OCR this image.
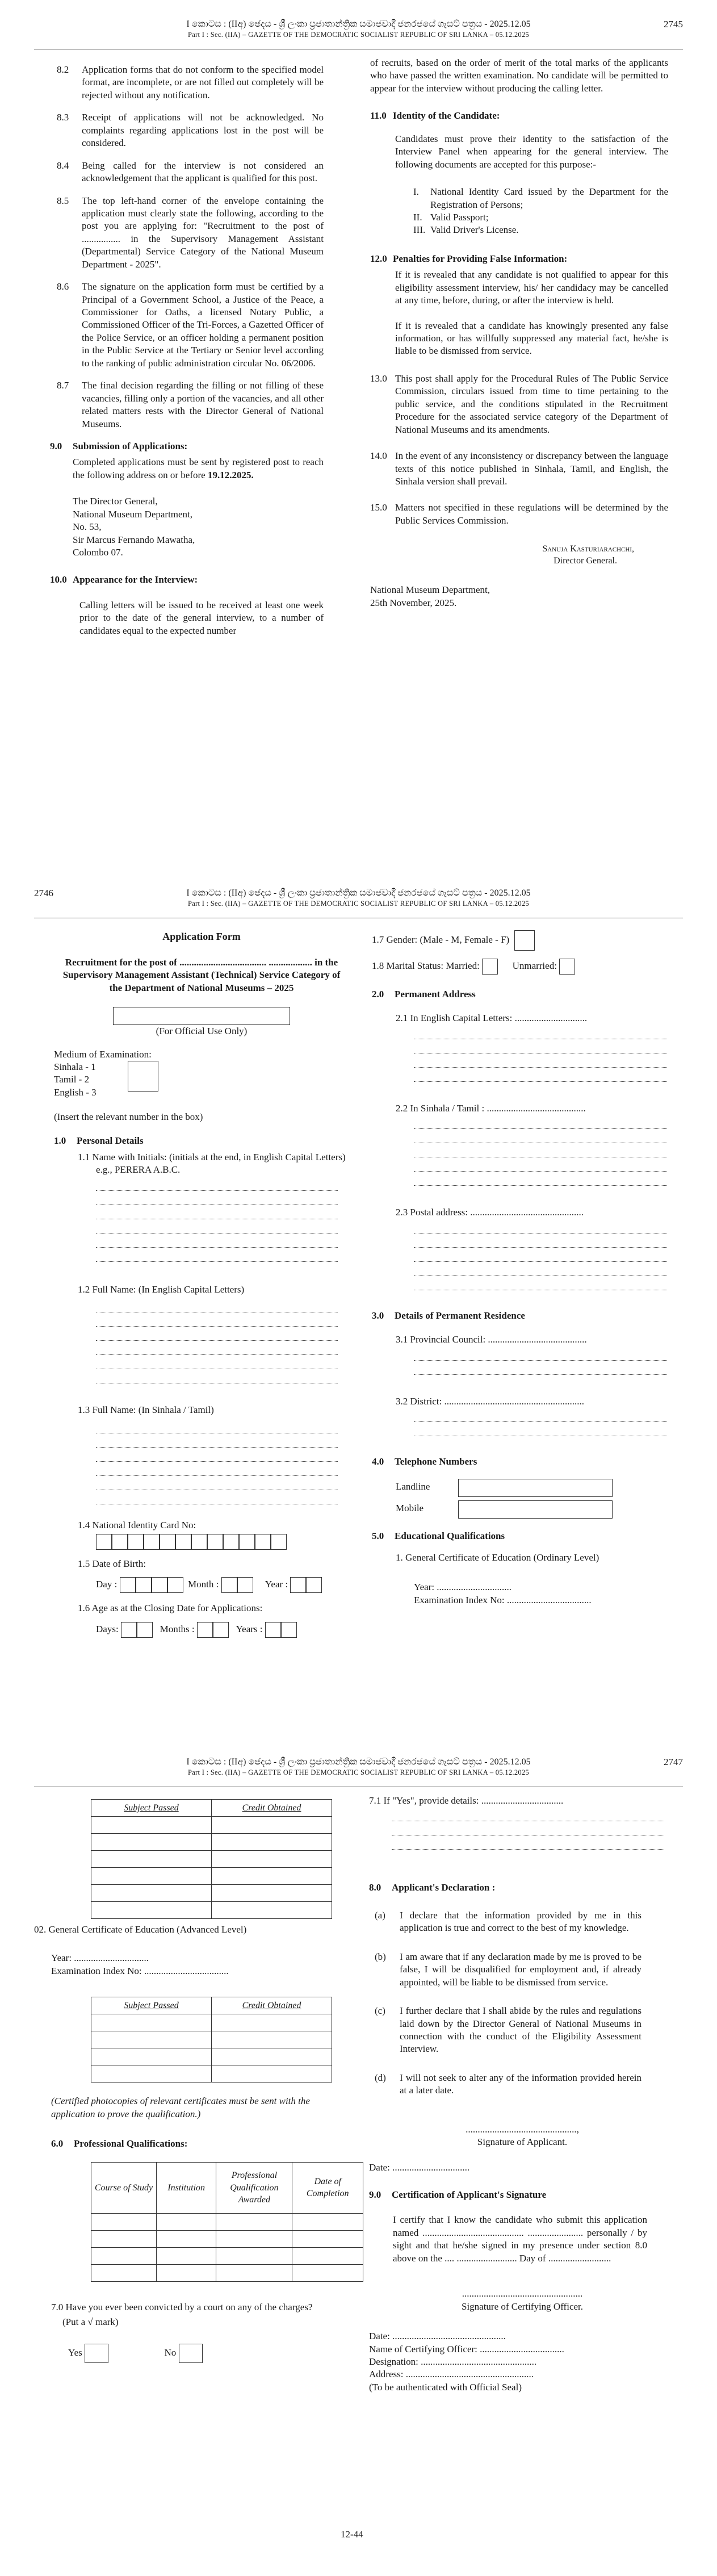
I කොටස : (IIඅ) ඡෙදය - ශ්‍රී ලංකා ප්‍රජාතාන්ත්‍රික සමාජවාදී ජනරජයේ ගැසට් පත්‍රය - 2025.12.05
Part I : Sec. (IIA) – GAZETTE OF THE DEMOCRATIC SOCIALIST REPUBLIC OF SRI LANKA – 05.12.2025
2745
8.2 Application forms that do not conform to the specified model format, are incomplete, or are not filled out completely will be rejected without any notification.
8.3 Receipt of applications will not be acknowledged. No complaints regarding applications lost in the post will be considered.
8.4 Being called for the interview is not considered an acknowledgement that the applicant is qualified for this post.
8.5 The top left-hand corner of the envelope containing the application must clearly state the following, according to the post you are applying for: "Recruitment to the post of ................ in the Supervisory Management Assistant (Departmental) Service Category of the National Museum Department - 2025".
8.6 The signature on the application form must be certified by a Principal of a Government School, a Justice of the Peace, a Commissioner for Oaths, a licensed Notary Public, a Commissioned Officer of the Tri-Forces, a Gazetted Officer of the Police Service, or an officer holding a permanent position in the Public Service at the Tertiary or Senior level according to the ranking of public administration circular No. 06/2006.
8.7 The final decision regarding the filling or not filling of these vacancies, filling only a portion of the vacancies, and all other related matters rests with the Director General of National Museums.
9.0 Submission of Applications:

Completed applications must be sent by registered post to reach the following address on or before 19.12.2025.

The Director General,
National Museum Department,
No. 53,
Sir Marcus Fernando Mawatha,
Colombo 07.
10.0 Appearance for the Interview:

Calling letters will be issued to be received at least one week prior to the date of the general interview, to a number of candidates equal to the expected number

of recruits, based on the order of merit of the total marks of the applicants who have passed the written examination. No candidate will be permitted to appear for the interview without producing the calling letter.

11.0 Identity of the Candidate:

Candidates must prove their identity to the satisfaction of the Interview Panel when appearing for the general interview. The following documents are accepted for this purpose:-

I. National Identity Card issued by the Department for the Registration of Persons;
II. Valid Passport;
III. Valid Driver's License.
12.0 Penalties for Providing False Information:

If it is revealed that any candidate is not qualified to appear for this eligibility assessment interview, his/ her candidacy may be cancelled at any time, before, during, or after the interview is held.

If it is revealed that a candidate has knowingly presented any false information, or has willfully suppressed any material fact, he/she is liable to be dismissed from service.

13.0 This post shall apply for the Procedural Rules of The Public Service Commission, circulars issued from time to time pertaining to the public service, and the conditions stipulated in the Recruitment Procedure for the associated service category of the Department of National Museums and its amendments.
14.0 In the event of any inconsistency or discrepancy between the language texts of this notice published in Sinhala, Tamil, and English, the Sinhala version shall prevail.
15.0 Matters not specified in these regulations will be determined by the Public Services Commission.
Sanuja Kasturiarachchi,
Director General.
National Museum Department,
25th November, 2025.
2746	I කොටස : (IIඅ) ඡෙදය - ශ්‍රී ලංකා ප්‍රජාතාන්ත්‍රික සමාජවාදී ජනරජයේ ගැසට් පත්‍රය - 2025.12.05
Part I : Sec. (IIA) – GAZETTE OF THE DEMOCRATIC SOCIALIST REPUBLIC OF SRI LANKA – 05.12.2025
Application Form
Recruitment for the post of .................................... .................. in the Supervisory Management Assistant (Technical) Service Category of the Department of National Museums – 2025
(For Official Use Only)
Medium of Examination:
Sinhala - 1
Tamil - 2
English - 3
(Insert the relevant number in the box)
1.0 Personal Details
1.1 Name with Initials: (initials at the end, in English Capital Letters) e.g., PERERA A.B.C.
1.2 Full Name: (In English Capital Letters)
1.3 Full Name: (In Sinhala / Tamil)
1.4 National Identity Card No:
1.5 Date of Birth:
Day :	Month :	Year :
1.6 Age as at the Closing Date for Applications:
Days:	Months :	Years :
1.7 Gender: (Male - M, Female - F)
1.8 Marital Status: Married:	Unmarried:
2.0 Permanent Address
2.1 In English Capital Letters: ..............................
2.2 In Sinhala / Tamil : .........................................
2.3 Postal address: ...............................................
3.0 Details of Permanent Residence
3.1 Provincial Council: .........................................
3.2 District: ..........................................................
4.0 Telephone Numbers
Landline
Mobile
5.0 Educational Qualifications
1. General Certificate of Education (Ordinary Level)
Year: ...............................
Examination Index No: ...................................
I කොටස : (IIඅ) ඡෙදය - ශ්‍රී ලංකා ප්‍රජාතාන්ත්‍රික සමාජවාදී ජනරජයේ ගැසට් පත්‍රය - 2025.12.05
Part I : Sec. (IIA) – GAZETTE OF THE DEMOCRATIC SOCIALIST REPUBLIC OF SRI LANKA – 05.12.2025
2747
Subject Passed	Credit Obtained

02. General Certificate of Education (Advanced Level)
Year: ...............................
Examination Index No: ...................................
Subject Passed	Credit Obtained

(Certified photocopies of relevant certificates must be sent with the application to prove the qualification.)
6.0 Professional Qualifications:
Course of Study	Institution	Professional Qualification Awarded	Date of Completion

7.0 Have you ever been convicted by a court on any of the charges?
(Put a √ mark)
Yes	No
7.1 If "Yes", provide details: ..................................
8.0 Applicant's Declaration :
(a) I declare that the information provided by me in this application is true and correct to the best of my knowledge.
(b) I am aware that if any declaration made by me is proved to be false, I will be disqualified for employment and, if already appointed, will be liable to be dismissed from service.
(c) I further declare that I shall abide by the rules and regulations laid down by the Director General of National Museums in connection with the conduct of the Eligibility Assessment Interview.
(d) I will not seek to alter any of the information provided herein at a later date.
..............................................,
Signature of Applicant.
Date: ................................
9.0 Certification of Applicant's Signature

I certify that I know the candidate who submit this application named .......................................... ....................... personally / by sight and that he/she signed in my presence under section 8.0 above on the .... ......................... Day of ..........................

..................................................
Signature of Certifying Officer.
Date: ...............................................
Name of Certifying Officer: ...................................
Designation: ................................................
Address: .....................................................
(To be authenticated with Official Seal)
12-44
